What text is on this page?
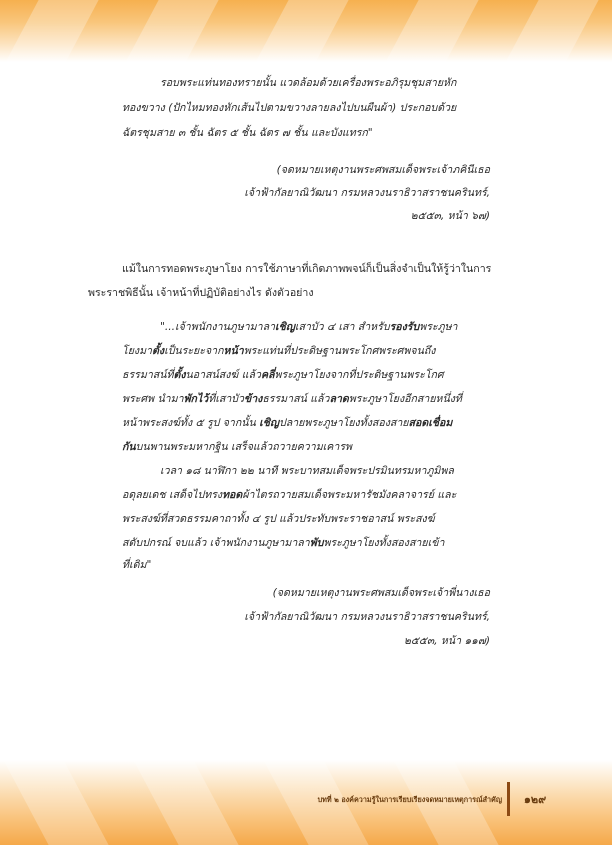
รอบพระแท่นทองทรายนั้น แวดล้อมด้วยเครื่องพระอภิรุมชุมสายหัก
ทองขวาง (ปักไหมทองหักเส้นไปตามขวางลายลงไปบนผืนผ้า) ประกอบด้วย
ฉัตรชุมสาย ๓ ชั้น ฉัตร ๕ ชั้น ฉัตร ๗ ชั้น และบังแทรก"
(จดหมายเหตุงานพระศพสมเด็จพระเจ้าภคินีเธอ
เจ้าฟ้ากัลยาณิวัฒนา กรมหลวงนราธิวาสราชนครินทร์,
๒๕๕๓, หน้า ๖๗)
แม้ในการทอดพระภูษาโยง การใช้ภาษาที่เกิดภาพพจน์ก็เป็นสิ่งจำเป็นให้รู้ว่าในการ
พระราชพิธีนั้น เจ้าหน้าที่ปฏิบัติอย่างไร ดังตัวอย่าง
"...เจ้าพนักงานภูษามาลาเชิญเสาบัว ๔ เสา สำหรับรองรับพระภูษา
โยงมาตั้งเป็นระยะจากหน้าพระแท่นที่ประดิษฐานพระโกศพระศพจนถึง
ธรรมาสน์ที่ตั้งนอาสน์สงฆ์ แล้วคลี่พระภูษาโยงจากที่ประดิษฐานพระโกศ
พระศพ นำมาพักไว้ที่เสาบัวข้างธรรมาสน์ แล้วลาดพระภูษาโยงอีกสายหนึ่งที่
หน้าพระสงฆ์ทั้ง ๕ รูป จากนั้น เชิญปลายพระภูษาโยงทั้งสองสายสอดเชื่อม
กันบนพานพระมหากฐิน เสร็จแล้วถวายความเคารพ
เวลา ๑๘ นาฬิกา ๒๒ นาที พระบาทสมเด็จพระปรมินทรมหาภูมิพล
อดุลยเดช เสด็จไปทรงทอดผ้าไตรถวายสมเด็จพระมหารัชมังคลาจารย์ และ
พระสงฆ์ที่สวดธรรมคาถาทั้ง ๔ รูป แล้วประทับพระราชอาสน์ พระสงฆ์
สดับปกรณ์ จบแล้ว เจ้าพนักงานภูษามาลาพับพระภูษาโยงทั้งสองสายเข้า
ที่เดิม"
(จดหมายเหตุงานพระศพสมเด็จพระเจ้าพี่นางเธอ
เจ้าฟ้ากัลยาณิวัฒนา กรมหลวงนราธิวาสราชนครินทร์,
๒๕๕๓, หน้า ๑๑๗)
บทที่ ๒ องค์ความรู้ในการเรียบเรียงจดหมายเหตุการณ์สำคัญ	๑๒๙
